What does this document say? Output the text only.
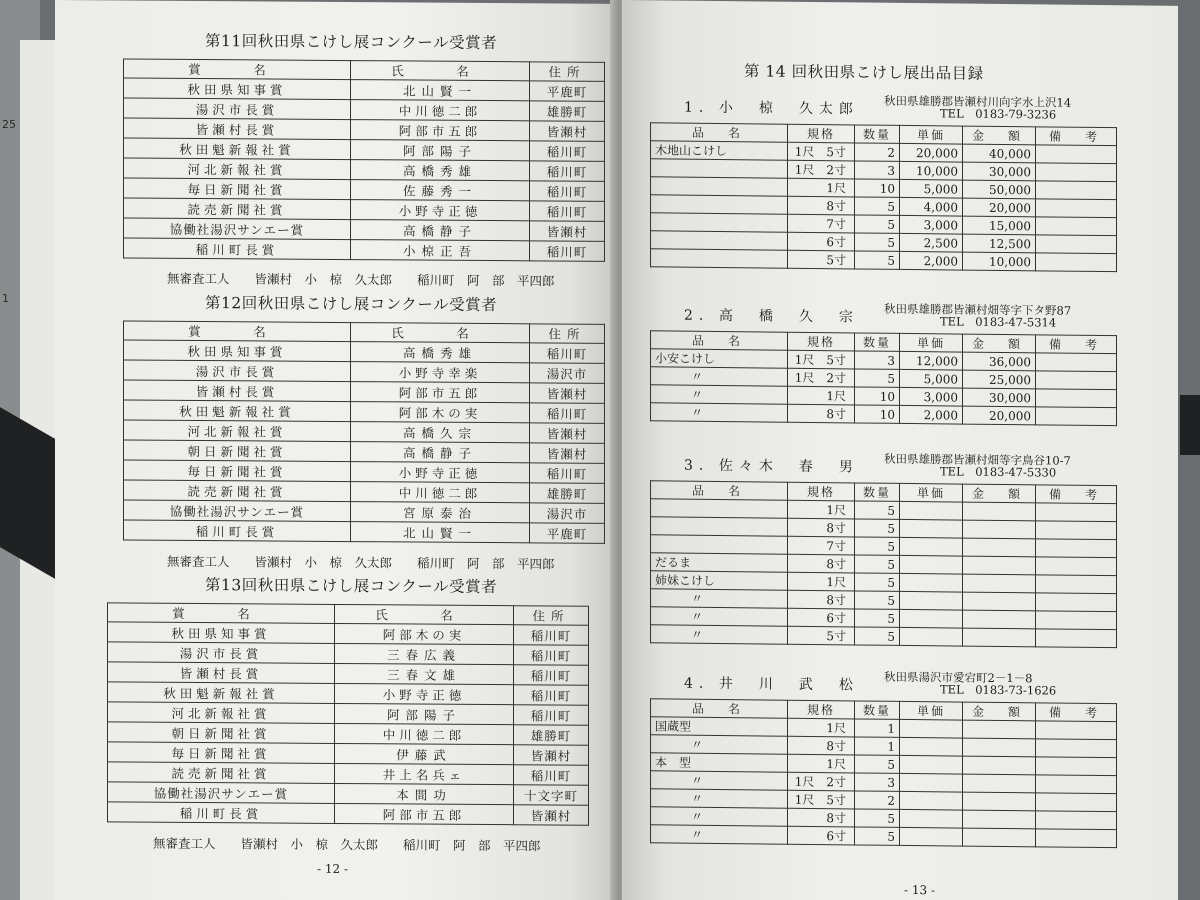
25
1
第11回秋田県こけし展コンクール受賞者
賞　名	氏　名	住所
秋田県知事賞	北山賢一	平鹿町
湯沢市長賞	中川徳二郎	雄勝町
皆瀬村長賞	阿部市五郎	皆瀬村
秋田魁新報社賞	阿部陽子	稲川町
河北新報社賞	高橋秀雄	稲川町
毎日新聞社賞	佐藤秀一	稲川町
読売新聞社賞	小野寺正徳	稲川町
協働社湯沢サンエー賞	高橋静子	皆瀬村
稲川町長賞	小椋正吾	稲川町
無審査工人　　皆瀬村　小　椋　久太郎　　稲川町　阿　部　平四郎
第12回秋田県こけし展コンクール受賞者
賞　名	氏　名	住所
秋田県知事賞	高橋秀雄	稲川町
湯沢市長賞	小野寺幸楽	湯沢市
皆瀬村長賞	阿部市五郎	皆瀬村
秋田魁新報社賞	阿部木の実	稲川町
河北新報社賞	高橋久宗	皆瀬村
朝日新聞社賞	高橋静子	皆瀬村
毎日新聞社賞	小野寺正徳	稲川町
読売新聞社賞	中川徳二郎	雄勝町
協働社湯沢サンエー賞	宮原泰治	湯沢市
稲川町長賞	北山賢一	平鹿町
無審査工人　　皆瀬村　小　椋　久太郎　　稲川町　阿　部　平四郎
第13回秋田県こけし展コンクール受賞者
賞　名	氏　名	住所
秋田県知事賞	阿部木の実	稲川町
湯沢市長賞	三春広義	稲川町
皆瀬村長賞	三春文雄	稲川町
秋田魁新報社賞	小野寺正徳	稲川町
河北新報社賞	阿部陽子	稲川町
朝日新聞社賞	中川徳二郎	雄勝町
毎日新聞社賞	伊藤武	皆瀬村
読売新聞社賞	井上名兵ェ	稲川町
協働社湯沢サンエー賞	本間功	十文字町
稲川町長賞	阿部市五郎	皆瀬村
無審査工人　　皆瀬村　小　椋　久太郎　　稲川町　阿　部　平四郎
- 12 -
第 14 回秋田県こけし展出品目録
1．小　椋　久太郎 秋田県雄勝郡皆瀬村川向字水上沢14
TEL　0183-79-3236
品　名	規格	数量	単価	金　額	備　考
木地山こけし	1尺　5寸	2	20,000	40,000	
	1尺　2寸	3	10,000	30,000	
	1尺	10	5,000	50,000	
	8寸	5	4,000	20,000	
	7寸	5	3,000	15,000	
	6寸	5	2,500	12,500	
	5寸	5	2,000	10,000	
2．高　橋　久　宗 秋田県雄勝郡皆瀬村畑等字下タ野87
TEL　0183-47-5314
品　名	規格	数量	単価	金　額	備　考
小安こけし	1尺　5寸	3	12,000	36,000	
〃	1尺　2寸	5	5,000	25,000	
〃	1尺	10	3,000	30,000	
〃	8寸	10	2,000	20,000	
3．佐々木　春　男 秋田県雄勝郡皆瀬村畑等字鳥谷10-7
TEL　0183-47-5330
品　名	規格	数量	単価	金　額	備　考
	1尺	5			
	8寸	5			
	7寸	5			
だるま	8寸	5			
姉妹こけし	1尺	5			
〃	8寸	5			
〃	6寸	5			
〃	5寸	5			
4．井　川　武　松 秋田県湯沢市愛宕町2－1－8
TEL　0183-73-1626
品　名	規格	数量	単価	金　額	備　考
国蔵型	1尺	1			
〃	8寸	1			
本　型	1尺	5			
〃	1尺　2寸	3			
〃	1尺　5寸	2			
〃	8寸	5			
〃	6寸	5			
- 13 -
